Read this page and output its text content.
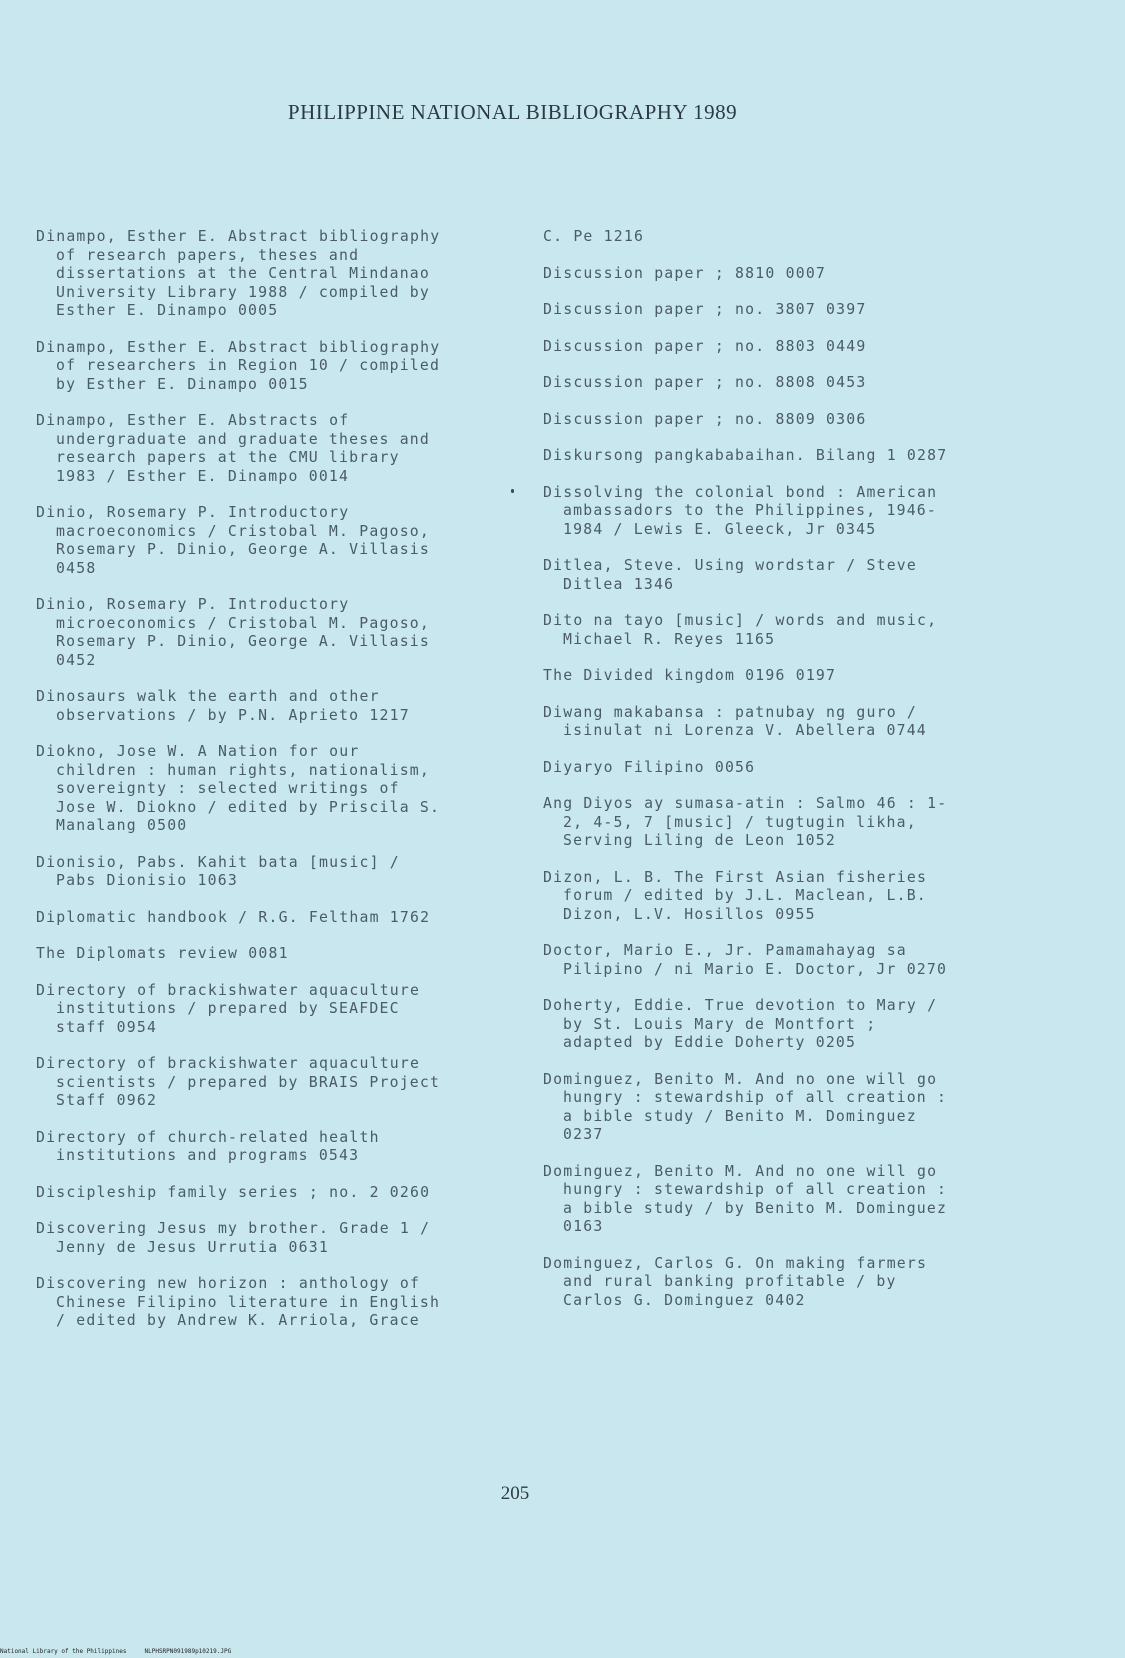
PHILIPPINE NATIONAL BIBLIOGRAPHY 1989
Dinampo, Esther E. Abstract bibliography
of research papers, theses and
dissertations at the Central Mindanao
University Library 1988 / compiled by
Esther E. Dinampo 0005
Dinampo, Esther E. Abstract bibliography
of researchers in Region 10 / compiled
by Esther E. Dinampo 0015
Dinampo, Esther E. Abstracts of
undergraduate and graduate theses and
research papers at the CMU library
1983 / Esther E. Dinampo 0014
Dinio, Rosemary P. Introductory
macroeconomics / Cristobal M. Pagoso,
Rosemary P. Dinio, George A. Villasis
0458
Dinio, Rosemary P. Introductory
microeconomics / Cristobal M. Pagoso,
Rosemary P. Dinio, George A. Villasis
0452
Dinosaurs walk the earth and other
observations / by P.N. Aprieto 1217
Diokno, Jose W. A Nation for our
children : human rights, nationalism,
sovereignty : selected writings of
Jose W. Diokno / edited by Priscila S.
Manalang 0500
Dionisio, Pabs. Kahit bata [music] /
Pabs Dionisio 1063
Diplomatic handbook / R.G. Feltham 1762
The Diplomats review 0081
Directory of brackishwater aquaculture
institutions / prepared by SEAFDEC
staff 0954
Directory of brackishwater aquaculture
scientists / prepared by BRAIS Project
Staff 0962
Directory of church-related health
institutions and programs 0543
Discipleship family series ; no. 2 0260
Discovering Jesus my brother. Grade 1 /
Jenny de Jesus Urrutia 0631
Discovering new horizon : anthology of
Chinese Filipino literature in English
/ edited by Andrew K. Arriola, Grace
C. Pe 1216
Discussion paper ; 8810 0007
Discussion paper ; no. 3807 0397
Discussion paper ; no. 8803 0449
Discussion paper ; no. 8808 0453
Discussion paper ; no. 8809 0306
Diskursong pangkababaihan. Bilang 1 0287
Dissolving the colonial bond : American
ambassadors to the Philippines, 1946-
1984 / Lewis E. Gleeck, Jr 0345
Ditlea, Steve. Using wordstar / Steve
Ditlea 1346
Dito na tayo [music] / words and music,
Michael R. Reyes 1165
The Divided kingdom 0196 0197
Diwang makabansa : patnubay ng guro /
isinulat ni Lorenza V. Abellera 0744
Diyaryo Filipino 0056
Ang Diyos ay sumasa-atin : Salmo 46 : 1-
2, 4-5, 7 [music] / tugtugin likha,
Serving Liling de Leon 1052
Dizon, L. B. The First Asian fisheries
forum / edited by J.L. Maclean, L.B.
Dizon, L.V. Hosillos 0955
Doctor, Mario E., Jr. Pamamahayag sa
Pilipino / ni Mario E. Doctor, Jr 0270
Doherty, Eddie. True devotion to Mary /
by St. Louis Mary de Montfort ;
adapted by Eddie Doherty 0205
Dominguez, Benito M. And no one will go
hungry : stewardship of all creation :
a bible study / Benito M. Dominguez
0237
Dominguez, Benito M. And no one will go
hungry : stewardship of all creation :
a bible study / by Benito M. Dominguez
0163
Dominguez, Carlos G. On making farmers
and rural banking profitable / by
Carlos G. Dominguez 0402
205
National Library of the Philippines     NLPHSRPN091989p10219.JPG
